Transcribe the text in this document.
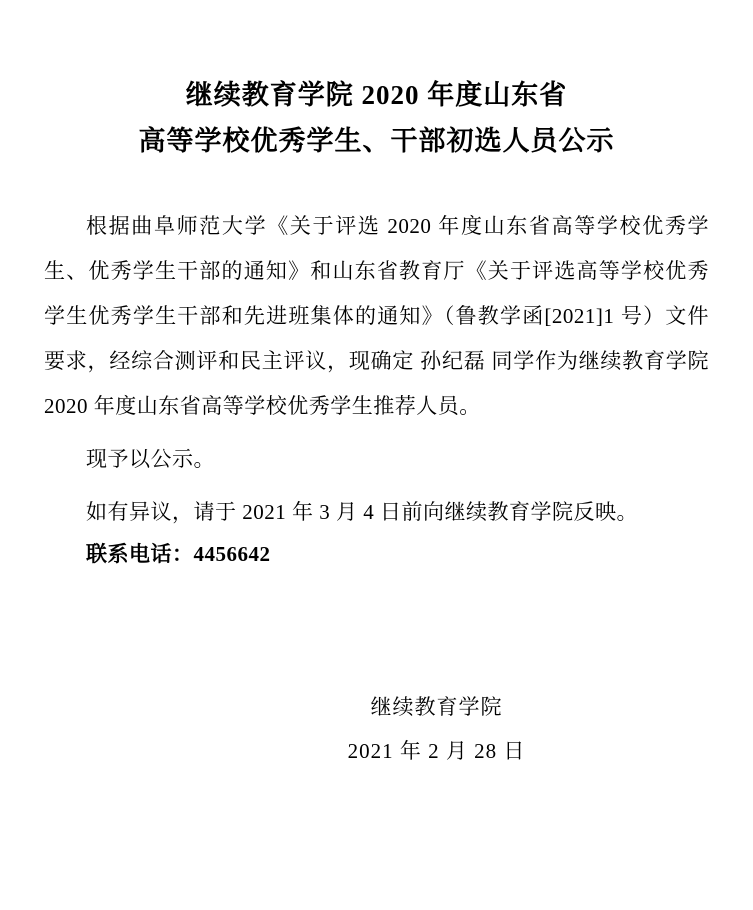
继续教育学院 2020 年度山东省
高等学校优秀学生、干部初选人员公示

根据曲阜师范大学《关于评选 2020 年度山东省高等学校优秀学生、优秀学生干部的通知》和山东省教育厅《关于评选高等学校优秀学生优秀学生干部和先进班集体的通知》（鲁教学函[2021]1 号）文件要求，经综合测评和民主评议，现确定 孙纪磊 同学作为继续教育学院 2020 年度山东省高等学校优秀学生推荐人员。

现予以公示。

如有异议，请于 2021 年 3 月 4 日前向继续教育学院反映。

联系电话：4456642

继续教育学院
2021 年 2 月 28 日
